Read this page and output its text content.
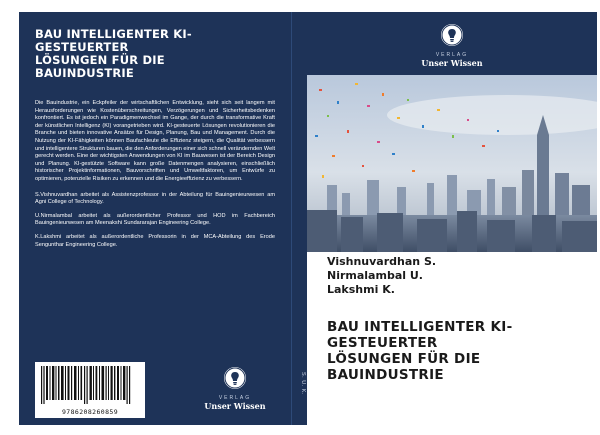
BAU INTELLIGENTER KI-
GESTEUERTER
LÖSUNGEN FÜR DIE
BAUINDUSTRIE

Die Bauindustrie, ein Eckpfeiler der wirtschaftlichen Entwicklung, sieht sich seit langem mit Herausforderungen wie Kostenüberschreitungen, Verzögerungen und Sicherheitsbedenken konfrontiert. Es ist jedoch ein Paradigmenwechsel im Gange, der durch die transformative Kraft der künstlichen Intelligenz (KI) vorangetrieben wird. KI-gesteuerte Lösungen revolutionieren die Branche und bieten innovative Ansätze für Design, Planung, Bau und Management. Durch die Nutzung der KI-Fähigkeiten können Baufachleute die Effizienz steigern, die Qualität verbessern und intelligentere Strukturen bauen, die den Anforderungen einer sich schnell verändernden Welt gerecht werden. Eine der wichtigsten Anwendungen von KI im Bauwesen ist der Bereich Design und Planung. KI-gestützte Software kann große Datenmengen analysieren, einschließlich historischer Projektinformationen, Bauvorschriften und Umweltfaktoren, um Entwürfe zu optimieren, potenzielle Risiken zu erkennen und die Energieeffizienz zu verbessern.

S.Vishnuvardhan arbeitet als Assistenzprofessor in der Abteilung für Bauingenieurwesen am Agni College of Technology.

U.Nirmalambal arbeitet als außerordentlicher Professor und HOD im Fachbereich Bauingenieurwesen am Meenakshi Sundararajan Engineering College.

K.Lakshmi arbeitet als außerordentliche Professorin in der MCA-Abteilung des Erode Sengunthar Engineering College.

9786208260859
VERLAG
Unser Wissen
S. U. K.
VERLAG
Unser Wissen
Vishnuvardhan S.
Nirmalambal U.
Lakshmi K.
BAU INTELLIGENTER KI-
GESTEUERTER
LÖSUNGEN FÜR DIE
BAUINDUSTRIE
